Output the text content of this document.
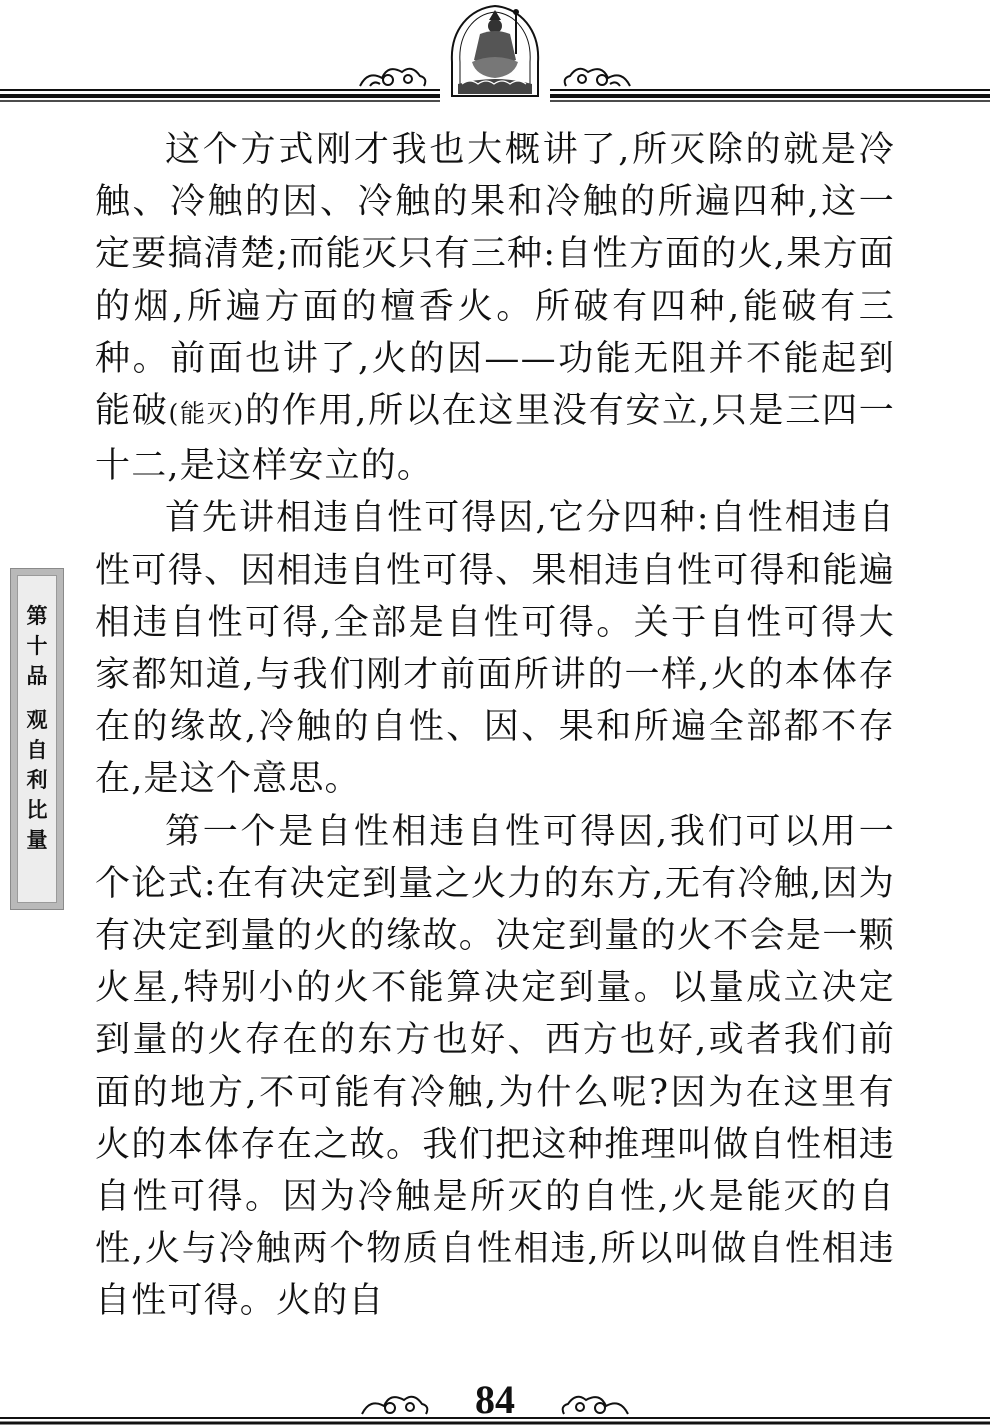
第
十
品
观
自
利
比
量

这个方式刚才我也大概讲了,所灭除的就是冷触、冷触的因、冷触的果和冷触的所遍四种,这一定要搞清楚;而能灭只有三种:自性方面的火,果方面的烟,所遍方面的檀香火。所破有四种,能破有三种。前面也讲了,火的因——功能无阻并不能起到能破(能灭)的作用,所以在这里没有安立,只是三四一十二,是这样安立的。

首先讲相违自性可得因,它分四种:自性相违自性可得、因相违自性可得、果相违自性可得和能遍相违自性可得,全部是自性可得。关于自性可得大家都知道,与我们刚才前面所讲的一样,火的本体存在的缘故,冷触的自性、因、果和所遍全部都不存在,是这个意思。

第一个是自性相违自性可得因,我们可以用一个论式:在有决定到量之火力的东方,无有冷触,因为有决定到量的火的缘故。决定到量的火不会是一颗火星,特别小的火不能算决定到量。以量成立决定到量的火存在的东方也好、西方也好,或者我们前面的地方,不可能有冷触,为什么呢?因为在这里有火的本体存在之故。我们把这种推理叫做自性相违自性可得。因为冷触是所灭的自性,火是能灭的自性,火与冷触两个物质自性相违,所以叫做自性相违自性可得。火的自

84
